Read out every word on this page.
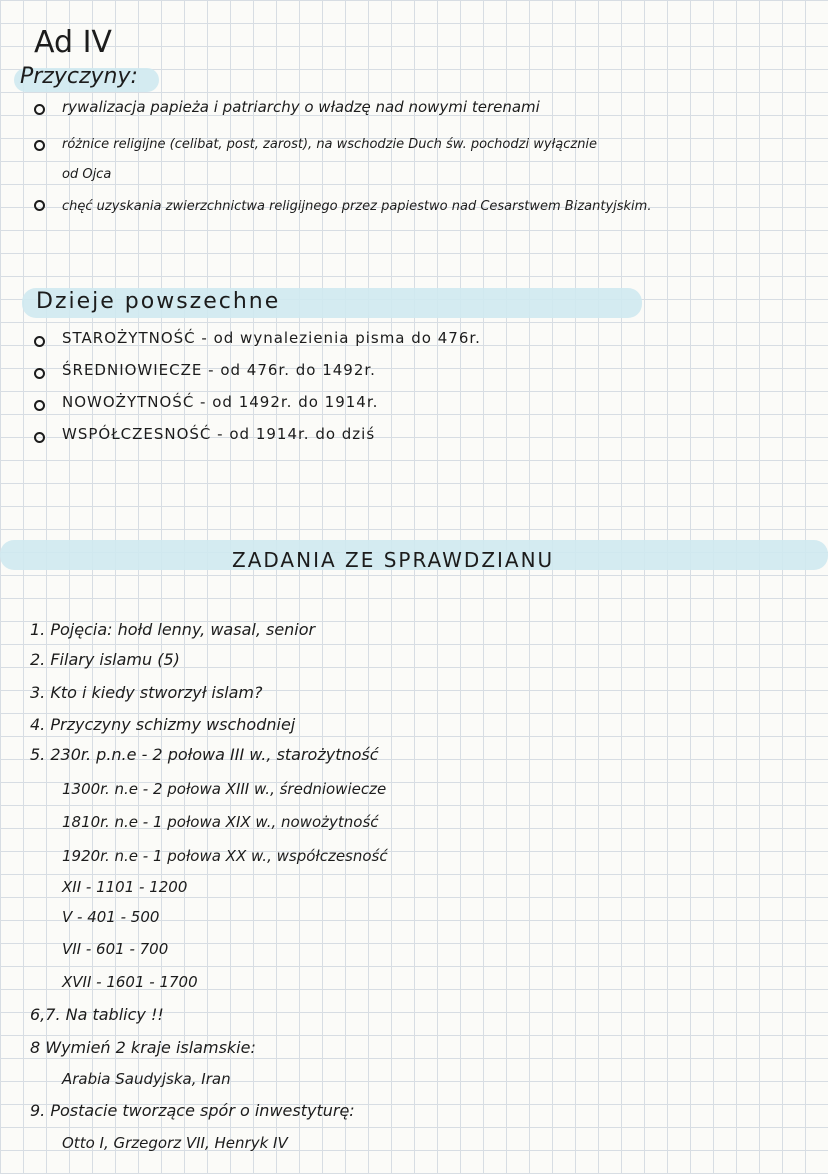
Ad IV
Przyczyny:
rywalizacja papieża i patriarchy o władzę nad nowymi terenami
różnice religijne (celibat, post, zarost), na wschodzie Duch św. pochodzi wyłącznie
od Ojca
chęć uzyskania zwierzchnictwa religijnego przez papiestwo nad Cesarstwem Bizantyjskim.
Dzieje powszechne
STAROŻYTNOŚĆ - od wynalezienia pisma do 476r.
ŚREDNIOWIECZE - od 476r. do 1492r.
NOWOŻYTNOŚĆ - od 1492r. do 1914r.
WSPÓŁCZESNOŚĆ - od 1914r. do dziś
ZADANIA ZE SPRAWDZIANU
1. Pojęcia: hołd lenny, wasal, senior
2. Filary islamu (5)
3. Kto i kiedy stworzył islam?
4. Przyczyny schizmy wschodniej
5. 230r. p.n.e - 2 połowa III w., starożytność
1300r. n.e - 2 połowa XIII w., średniowiecze
1810r. n.e - 1 połowa XIX w., nowożytność
1920r. n.e - 1 połowa XX w., współczesność
XII - 1101 - 1200
V - 401 - 500
VII - 601 - 700
XVII - 1601 - 1700
6,7. Na tablicy !!
8 Wymień 2 kraje islamskie:
Arabia Saudyjska, Iran
9. Postacie tworzące spór o inwestyturę:
Otto I, Grzegorz VII, Henryk IV
